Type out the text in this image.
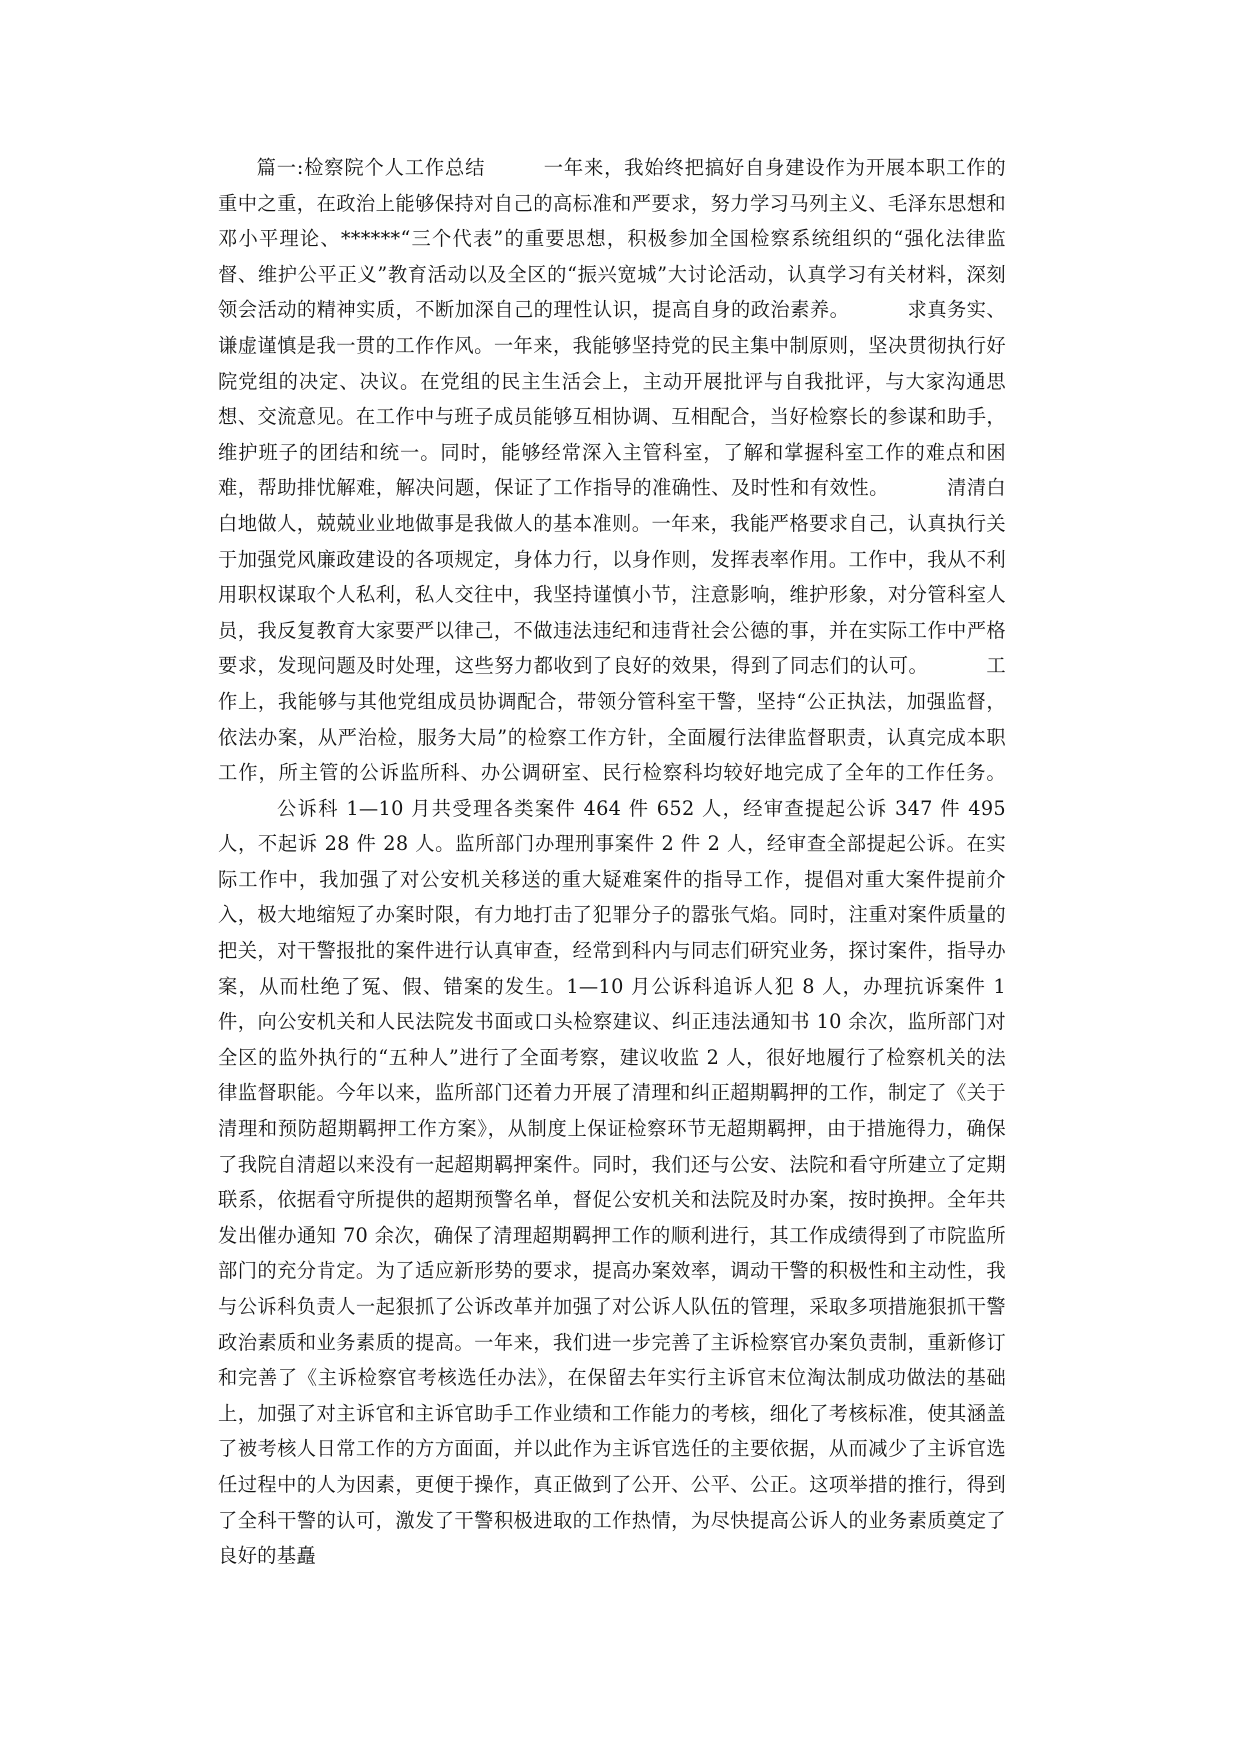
篇一:检察院个人工作总结	一年来，我始终把搞好自身建设作为开展本职工作的重中之重，在政治上能够保持对自己的高标准和严要求，努力学习马列主义、毛泽东思想和邓小平理论、******“三个代表”的重要思想，积极参加全国检察系统组织的“强化法律监督、维护公平正义”教育活动以及全区的“振兴宽城”大讨论活动，认真学习有关材料，深刻领会活动的精神实质，不断加深自己的理性认识，提高自身的政治素养。	求真务实、谦虚谨慎是我一贯的工作作风。一年来，我能够坚持党的民主集中制原则，坚决贯彻执行好院党组的决定、决议。在党组的民主生活会上，主动开展批评与自我批评，与大家沟通思想、交流意见。在工作中与班子成员能够互相协调、互相配合，当好检察长的参谋和助手，维护班子的团结和统一。同时，能够经常深入主管科室，了解和掌握科室工作的难点和困难，帮助排忧解难，解决问题，保证了工作指导的准确性、及时性和有效性。	清清白白地做人，兢兢业业地做事是我做人的基本准则。一年来，我能严格要求自己，认真执行关于加强党风廉政建设的各项规定，身体力行，以身作则，发挥表率作用。工作中，我从不利用职权谋取个人私利，私人交往中，我坚持谨慎小节，注意影响，维护形象，对分管科室人员，我反复教育大家要严以律己，不做违法违纪和违背社会公德的事，并在实际工作中严格要求，发现问题及时处理，这些努力都收到了良好的效果，得到了同志们的认可。	工作上，我能够与其他党组成员协调配合，带领分管科室干警，坚持“公正执法，加强监督，依法办案，从严治检，服务大局”的检察工作方针，全面履行法律监督职责，认真完成本职工作，所主管的公诉监所科、办公调研室、民行检察科均较好地完成了全年的工作任务。公诉科 1—10 月共受理各类案件 464 件 652 人，经审查提起公诉 347 件 495 人，不起诉 28 件 28 人。监所部门办理刑事案件 2 件 2 人，经审查全部提起公诉。在实际工作中，我加强了对公安机关移送的重大疑难案件的指导工作，提倡对重大案件提前介入，极大地缩短了办案时限，有力地打击了犯罪分子的嚣张气焰。同时，注重对案件质量的把关，对干警报批的案件进行认真审查，经常到科内与同志们研究业务，探讨案件，指导办案，从而杜绝了冤、假、错案的发生。1—10 月公诉科追诉人犯 8 人，办理抗诉案件 1 件，向公安机关和人民法院发书面或口头检察建议、纠正违法通知书 10 余次，监所部门对全区的监外执行的“五种人”进行了全面考察，建议收监 2 人，很好地履行了检察机关的法律监督职能。今年以来，监所部门还着力开展了清理和纠正超期羁押的工作，制定了《关于清理和预防超期羁押工作方案》，从制度上保证检察环节无超期羁押，由于措施得力，确保了我院自清超以来没有一起超期羁押案件。同时，我们还与公安、法院和看守所建立了定期联系，依据看守所提供的超期预警名单，督促公安机关和法院及时办案，按时换押。全年共发出催办通知 70 余次，确保了清理超期羁押工作的顺利进行，其工作成绩得到了市院监所部门的充分肯定。为了适应新形势的要求，提高办案效率，调动干警的积极性和主动性，我与公诉科负责人一起狠抓了公诉改革并加强了对公诉人队伍的管理，采取多项措施狠抓干警政治素质和业务素质的提高。一年来，我们进一步完善了主诉检察官办案负责制，重新修订和完善了《主诉检察官考核选任办法》，在保留去年实行主诉官末位淘汰制成功做法的基础上，加强了对主诉官和主诉官助手工作业绩和工作能力的考核，细化了考核标准，使其涵盖了被考核人日常工作的方方面面，并以此作为主诉官选任的主要依据，从而减少了主诉官选任过程中的人为因素，更便于操作，真正做到了公开、公平、公正。这项举措的推行，得到了全科干警的认可，激发了干警积极进取的工作热情，为尽快提高公诉人的业务素质奠定了良好的基矗
